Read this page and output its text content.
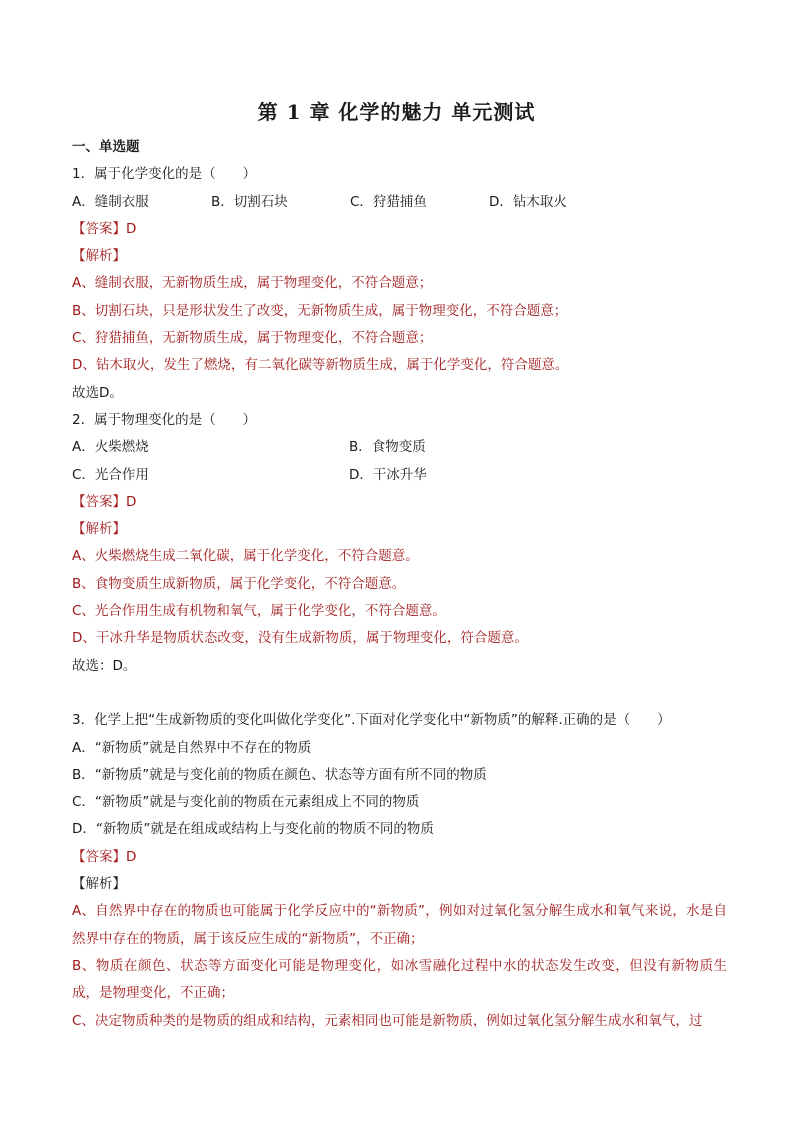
第 1 章 化学的魅力 单元测试
一、单选题
1．属于化学变化的是（　　）
A．缝制衣服	B．切割石块	C．狩猎捕鱼	D．钻木取火
【答案】D
【解析】
A、缝制衣服，无新物质生成，属于物理变化，不符合题意；
B、切割石块，只是形状发生了改变，无新物质生成，属于物理变化，不符合题意；
C、狩猎捕鱼，无新物质生成，属于物理变化，不符合题意；
D、钻木取火，发生了燃烧，有二氧化碳等新物质生成，属于化学变化，符合题意。
故选D。
2．属于物理变化的是（　　）
A．火柴燃烧	B．食物变质
C．光合作用	D．干冰升华
【答案】D
【解析】
A、火柴燃烧生成二氧化碳，属于化学变化，不符合题意。
B、食物变质生成新物质，属于化学变化，不符合题意。
C、光合作用生成有机物和氧气，属于化学变化，不符合题意。
D、干冰升华是物质状态改变，没有生成新物质，属于物理变化，符合题意。
故选：D。
3．化学上把“生成新物质的变化叫做化学变化”.下面对化学变化中“新物质”的解释.正确的是（　　）
A．“新物质”就是自然界中不存在的物质
B．“新物质”就是与变化前的物质在颜色、状态等方面有所不同的物质
C．“新物质”就是与变化前的物质在元素组成上不同的物质
D．“新物质”就是在组成或结构上与变化前的物质不同的物质
【答案】D
【解析】
A、自然界中存在的物质也可能属于化学反应中的“新物质”，例如对过氧化氢分解生成水和氧气来说，水是自然界中存在的物质，属于该反应生成的“新物质”，不正确；
B、物质在颜色、状态等方面变化可能是物理变化，如冰雪融化过程中水的状态发生改变，但没有新物质生成，是物理变化，不正确；
C、决定物质种类的是物质的组成和结构，元素相同也可能是新物质，例如过氧化氢分解生成水和氧气，过
